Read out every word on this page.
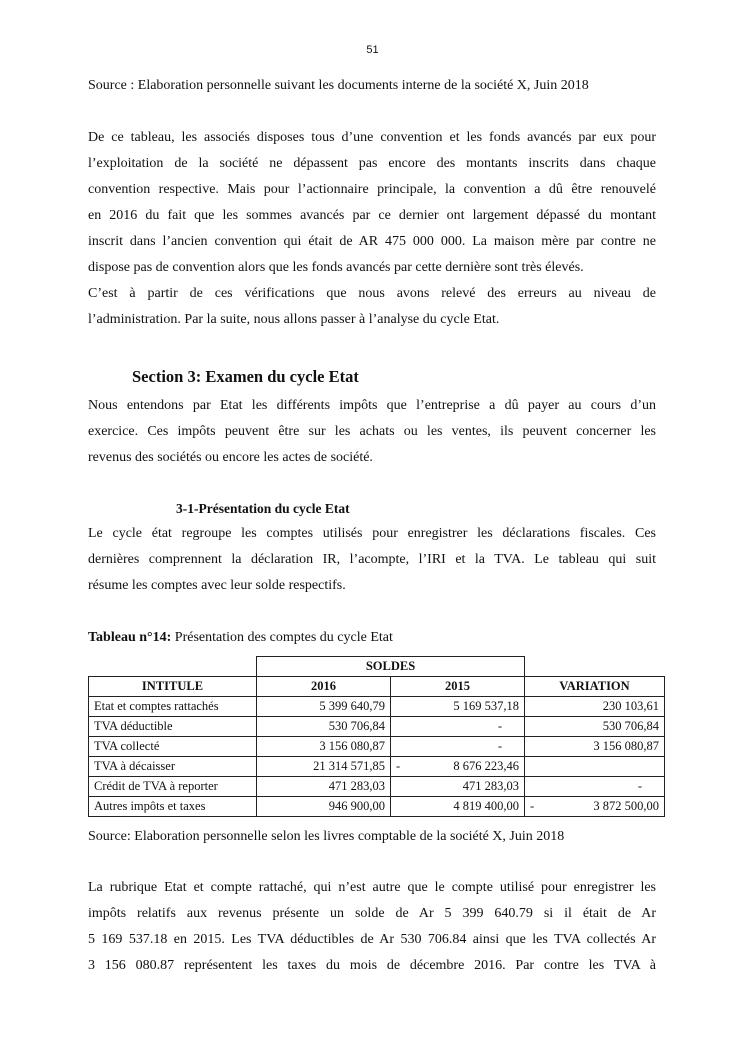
51
Source : Elaboration personnelle suivant les documents interne de la société X, Juin 2018
De ce tableau, les associés disposes tous d’une convention et les fonds avancés par eux pour
l’exploitation de la société ne dépassent pas encore des montants inscrits dans chaque
convention respective. Mais pour l’actionnaire principale, la convention a dû être renouvelé
en 2016 du fait que les sommes avancés par ce dernier ont largement dépassé du montant
inscrit dans l’ancien convention qui était de AR 475 000 000. La maison mère par contre ne
dispose pas de convention alors que les fonds avancés par cette dernière sont très élevés.
C’est à partir de ces vérifications que nous avons relevé des erreurs au niveau de
l’administration. Par la suite, nous allons passer à l’analyse du cycle Etat.
Section 3: Examen du cycle Etat
Nous entendons par Etat les différents impôts que l’entreprise a dû payer au cours d’un
exercice. Ces impôts peuvent être sur les achats ou les ventes, ils peuvent concerner les
revenus des sociétés ou encore les actes de société.
3-1-Présentation du cycle Etat
Le cycle état regroupe les comptes utilisés pour enregistrer les déclarations fiscales. Ces
dernières comprennent la déclaration IR, l’acompte, l’IRI et la TVA. Le tableau qui suit
résume les comptes avec leur solde respectifs.
Tableau n°14: Présentation des comptes du cycle Etat
	SOLDES		
INTITULE	2016	2015	VARIATION
Etat et comptes rattachés	5 399 640,79	5 169 537,18	230 103,61
TVA déductible	530 706,84	-	530 706,84
TVA collecté	3 156 080,87	-	3 156 080,87
TVA à décaisser	21 314 571,85	- 8 676 223,46	

Crédit de TVA à reporter	471 283,03	471 283,03	-
Autres impôts et taxes	946 900,00	4 819 400,00	- 3 872 500,00
Source: Elaboration personnelle selon les livres comptable de la société X, Juin 2018
La rubrique Etat et compte rattaché, qui n’est autre que le compte utilisé pour enregistrer les
impôts relatifs aux revenus présente un solde de Ar 5 399 640.79 si il était de Ar
5 169 537.18 en 2015. Les TVA déductibles de Ar 530 706.84 ainsi que les TVA collectés Ar
3 156 080.87 représentent les taxes du mois de décembre 2016. Par contre les TVA à
